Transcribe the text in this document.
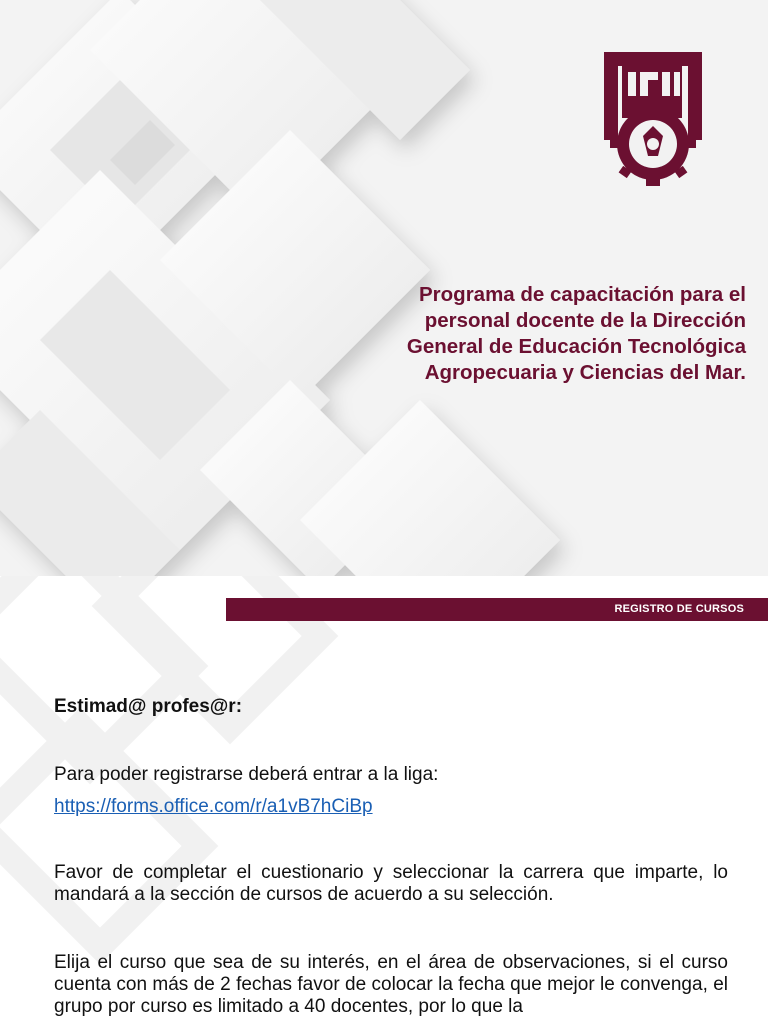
Programa de capacitación para el personal docente de la Dirección General de Educación Tecnológica Agropecuaria y Ciencias del Mar.
REGISTRO DE CURSOS
Estimad@ profes@r:
Para poder registrarse deberá entrar a la liga:
https://forms.office.com/r/a1vB7hCiBp
Favor de completar el cuestionario y seleccionar la carrera que imparte, lo mandará a la sección de cursos de acuerdo a su selección.
Elija el curso que sea de su interés, en el área de observaciones, si el curso cuenta con más de 2 fechas favor de colocar la fecha que mejor le convenga, el grupo por curso es limitado a 40 docentes, por lo que la
